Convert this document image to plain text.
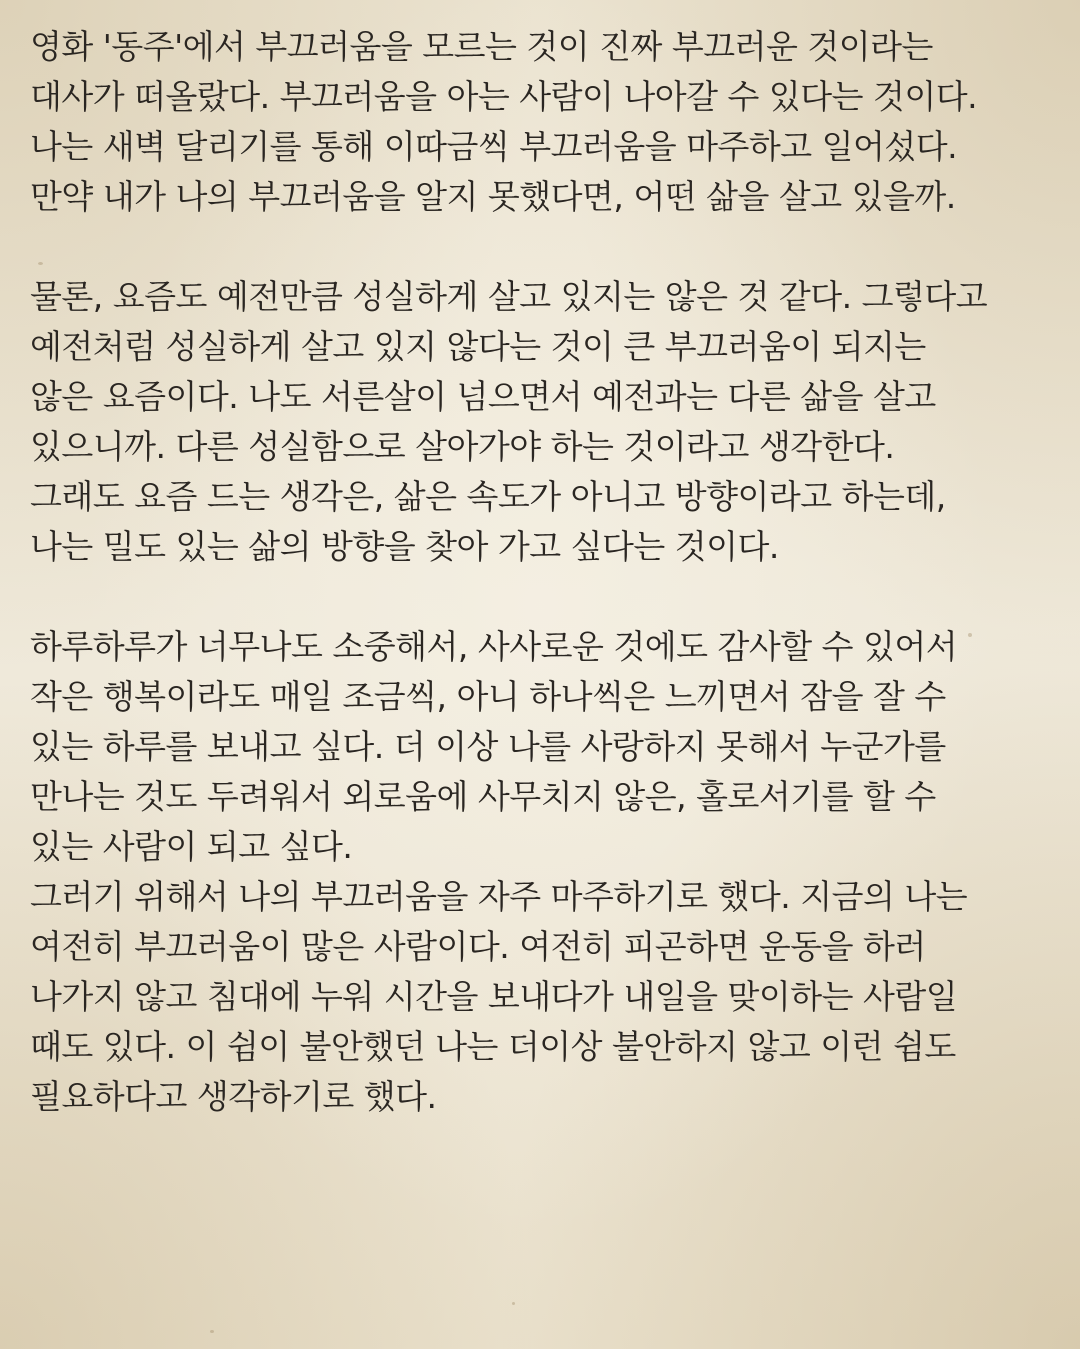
영화 '동주'에서 부끄러움을 모르는 것이 진짜 부끄러운 것이라는
대사가 떠올랐다. 부끄러움을 아는 사람이 나아갈 수 있다는 것이다.
나는 새벽 달리기를 통해 이따금씩 부끄러움을 마주하고 일어섰다.
만약 내가 나의 부끄러움을 알지 못했다면, 어떤 삶을 살고 있을까.
물론, 요즘도 예전만큼 성실하게 살고 있지는 않은 것 같다. 그렇다고
예전처럼 성실하게 살고 있지 않다는 것이 큰 부끄러움이 되지는
않은 요즘이다. 나도 서른살이 넘으면서 예전과는 다른 삶을 살고
있으니까. 다른 성실함으로 살아가야 하는 것이라고 생각한다.
그래도 요즘 드는 생각은, 삶은 속도가 아니고 방향이라고 하는데,
나는 밀도 있는 삶의 방향을 찾아 가고 싶다는 것이다.
하루하루가 너무나도 소중해서, 사사로운 것에도 감사할 수 있어서
작은 행복이라도 매일 조금씩, 아니 하나씩은 느끼면서 잠을 잘 수
있는 하루를 보내고 싶다. 더 이상 나를 사랑하지 못해서 누군가를
만나는 것도 두려워서 외로움에 사무치지 않은, 홀로서기를 할 수
있는 사람이 되고 싶다.
그러기 위해서 나의 부끄러움을 자주 마주하기로 했다. 지금의 나는
여전히 부끄러움이 많은 사람이다. 여전히 피곤하면 운동을 하러
나가지 않고 침대에 누워 시간을 보내다가 내일을 맞이하는 사람일
때도 있다. 이 쉼이 불안했던 나는 더이상 불안하지 않고 이런 쉼도
필요하다고 생각하기로 했다.
